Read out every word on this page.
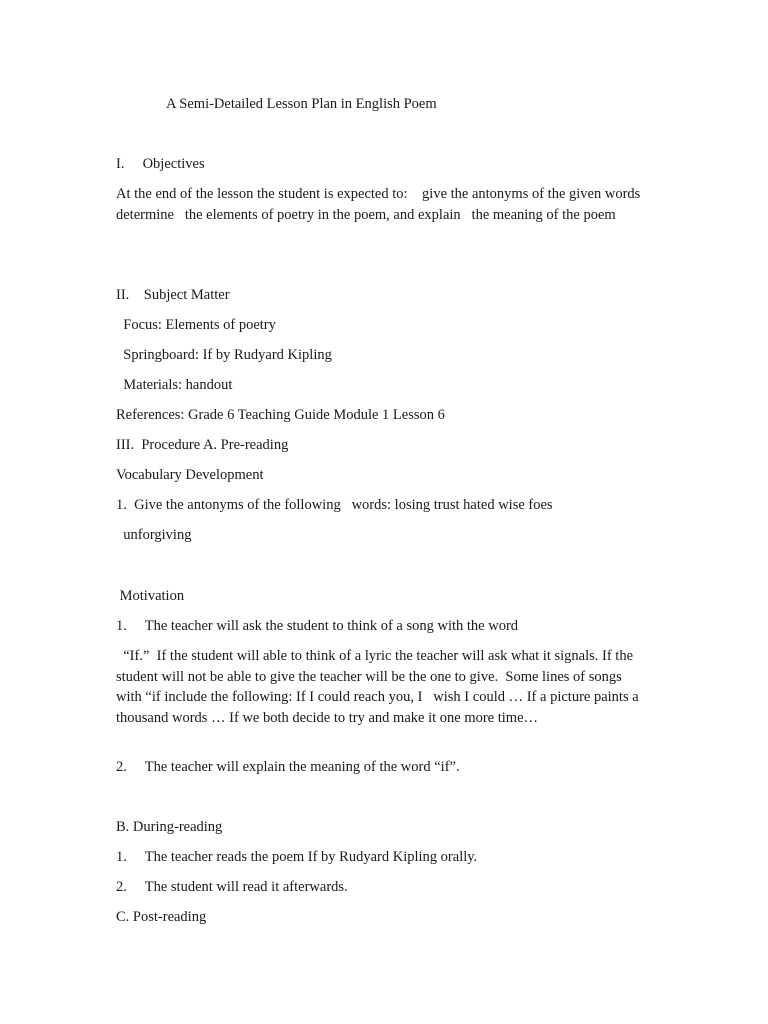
A Semi-Detailed Lesson Plan in English Poem
I.     Objectives
At the end of the lesson the student is expected to:    give the antonyms of the given words determine   the elements of poetry in the poem, and explain   the meaning of the poem
II.    Subject Matter
Focus: Elements of poetry
Springboard: If by Rudyard Kipling
Materials: handout
References: Grade 6 Teaching Guide Module 1 Lesson 6
III.  Procedure A. Pre-reading
Vocabulary Development
1.  Give the antonyms of the following   words: losing trust hated wise foes
unforgiving
Motivation
1.     The teacher will ask the student to think of a song with the word
“If.”  If the student will able to think of a lyric the teacher will ask what it signals. If the student will not be able to give the teacher will be the one to give.  Some lines of songs with “if include the following: If I could reach you, I   wish I could … If a picture paints a thousand words … If we both decide to try and make it one more time…
2.     The teacher will explain the meaning of the word “if”.
B. During-reading
1.     The teacher reads the poem If by Rudyard Kipling orally.
2.     The student will read it afterwards.
C. Post-reading
